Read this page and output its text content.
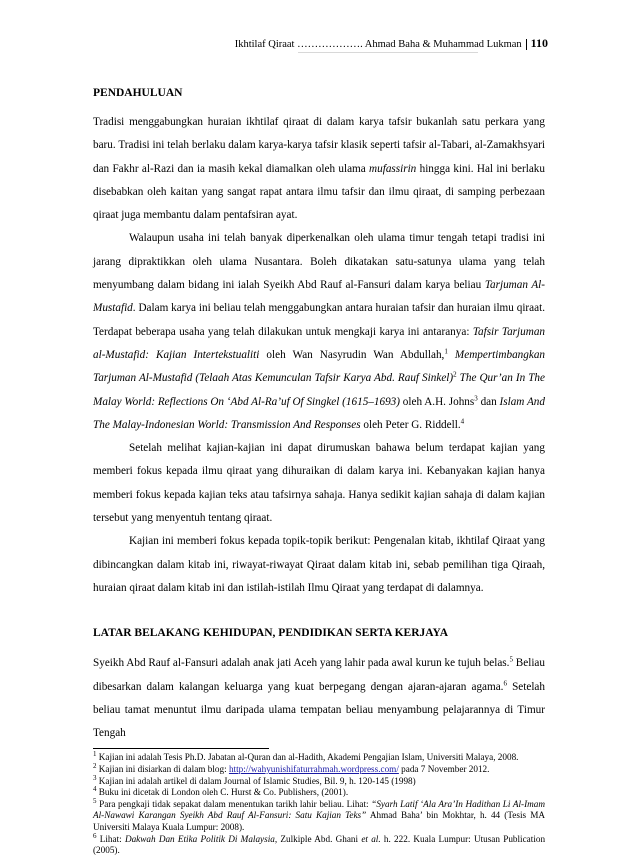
Ikhtilaf Qiraat ………………. Ahmad Baha & Muhammad Lukman 110
PENDAHULUAN

Tradisi menggabungkan huraian ikhtilaf qiraat di dalam karya tafsir bukanlah satu perkara yang baru. Tradisi ini telah berlaku dalam karya-karya tafsir klasik seperti tafsir al-Tabari, al-Zamakhsyari dan Fakhr al-Razi dan ia masih kekal diamalkan oleh ulama mufassirin hingga kini. Hal ini berlaku disebabkan oleh kaitan yang sangat rapat antara ilmu tafsir dan ilmu qiraat, di samping perbezaan qiraat juga membantu dalam pentafsiran ayat.

Walaupun usaha ini telah banyak diperkenalkan oleh ulama timur tengah tetapi tradisi ini jarang dipraktikkan oleh ulama Nusantara. Boleh dikatakan satu-satunya ulama yang telah menyumbang dalam bidang ini ialah Syeikh Abd Rauf al-Fansuri dalam karya beliau Tarjuman Al-Mustafid. Dalam karya ini beliau telah menggabungkan antara huraian tafsir dan huraian ilmu qiraat. Terdapat beberapa usaha yang telah dilakukan untuk mengkaji karya ini antaranya: Tafsir Tarjuman al-Mustafid: Kajian Intertekstualiti oleh Wan Nasyrudin Wan Abdullah,$^1$ Mempertimbangkan Tarjuman Al-Mustafid (Telaah Atas Kemunculan Tafsir Karya Abd. Rauf Sinkel)$^2$ The Qur’an In The Malay World: Reflections On ‘Abd Al-Ra’uf Of Singkel (1615–1693) oleh A.H. Johns$^3$ dan Islam And The Malay-Indonesian World: Transmission And Responses oleh Peter G. Riddell.$^4$

Setelah melihat kajian-kajian ini dapat dirumuskan bahawa belum terdapat kajian yang memberi fokus kepada ilmu qiraat yang dihuraikan di dalam karya ini. Kebanyakan kajian hanya memberi fokus kepada kajian teks atau tafsirnya sahaja. Hanya sedikit kajian sahaja di dalam kajian tersebut yang menyentuh tentang qiraat.

Kajian ini memberi fokus kepada topik-topik berikut: Pengenalan kitab, ikhtilaf Qiraat yang dibincangkan dalam kitab ini, riwayat-riwayat Qiraat dalam kitab ini, sebab pemilihan tiga Qiraah, huraian qiraat dalam kitab ini dan istilah-istilah Ilmu Qiraat yang terdapat di dalamnya.

LATAR BELAKANG KEHIDUPAN, PENDIDIKAN SERTA KERJAYA

Syeikh Abd Rauf al-Fansuri adalah anak jati Aceh yang lahir pada awal kurun ke tujuh belas.$^5$ Beliau dibesarkan dalam kalangan keluarga yang kuat berpegang dengan ajaran-ajaran agama.$^6$ Setelah beliau tamat menuntut ilmu daripada ulama tempatan beliau menyambung pelajarannya di Timur Tengah

$^1$ Kajian ini adalah Tesis Ph.D. Jabatan al-Quran dan al-Hadith, Akademi Pengajian Islam, Universiti Malaya, 2008.
$^2$ Kajian ini disiarkan di dalam blog: http://wahyunishifaturrahmah.wordpress.com/ pada 7 November 2012.
$^3$ Kajian ini adalah artikel di dalam Journal of Islamic Studies, Bil. 9, h. 120-145 (1998)
$^4$ Buku ini dicetak di London oleh C. Hurst & Co. Publishers, (2001).
$^5$ Para pengkaji tidak sepakat dalam menentukan tarikh lahir beliau. Lihat: “Syarh Latif ‘Ala Ara’In Hadithan Li Al-Imam Al-Nawawi Karangan Syeikh Abd Rauf Al-Fansuri: Satu Kajian Teks” Ahmad Baha’ bin Mokhtar, h. 44 (Tesis MA Universiti Malaya Kuala Lumpur: 2008).
$^6$ Lihat: Dakwah Dan Etika Politik Di Malaysia, Zulkiple Abd. Ghani et al. h. 222. Kuala Lumpur: Utusan Publication (2005).
